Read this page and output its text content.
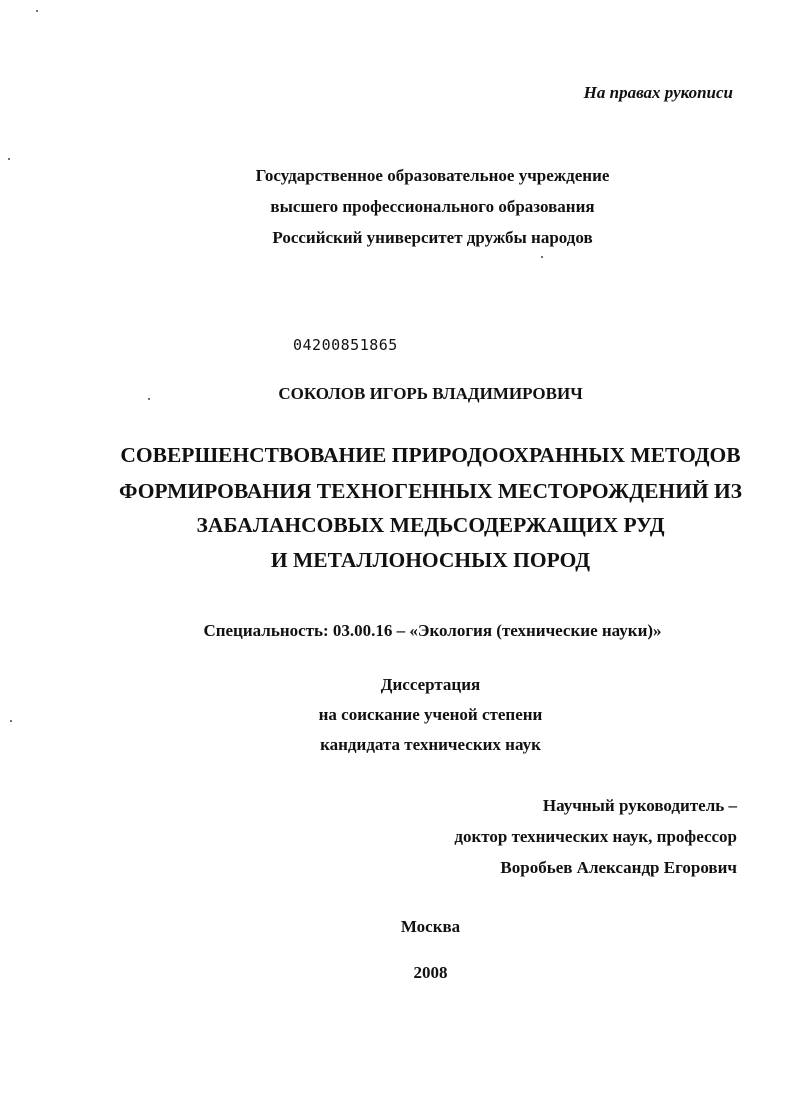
На правах рукописи
Государственное образовательное учреждение
высшего профессионального образования
Российский университет дружбы народов
04200851865
СОКОЛОВ ИГОРЬ ВЛАДИМИРОВИЧ
СОВЕРШЕНСТВОВАНИЕ ПРИРОДООХРАННЫХ МЕТОДОВ
ФОРМИРОВАНИЯ ТЕХНОГЕННЫХ МЕСТОРОЖДЕНИЙ ИЗ
ЗАБАЛАНСОВЫХ МЕДЬСОДЕРЖАЩИХ РУД
И МЕТАЛЛОНОСНЫХ ПОРОД
Специальность: 03.00.16 – «Экология (технические науки)»
Диссертация
на соискание ученой степени
кандидата технических наук
Научный руководитель –
доктор технических наук, профессор
Воробьев Александр Егорович
Москва
2008
